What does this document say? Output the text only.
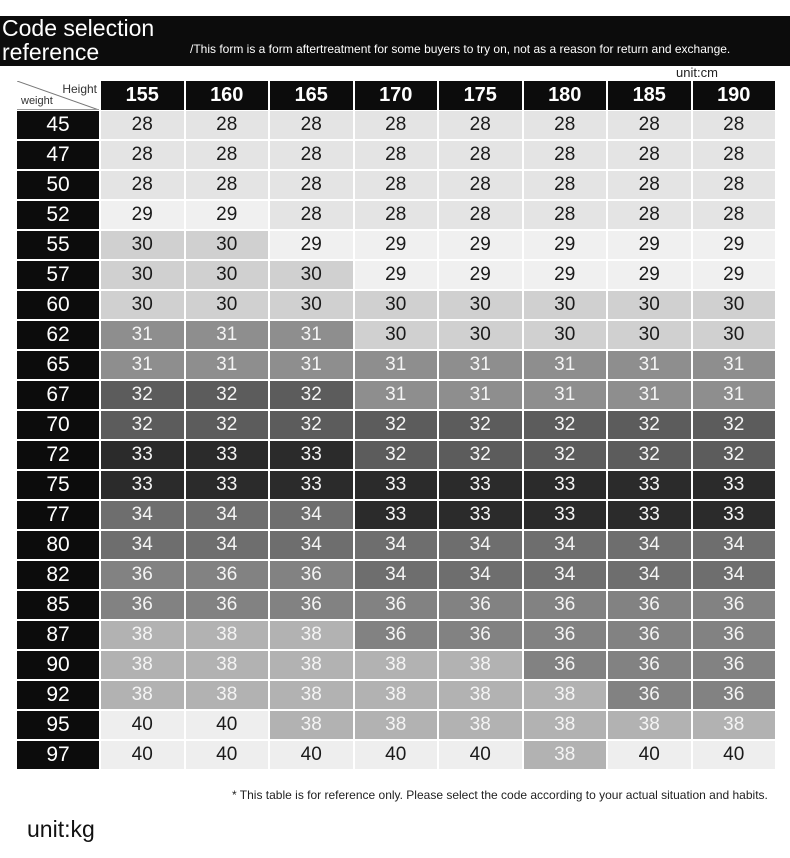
Code selection reference	/This form is a form aftertreatment for some buyers to try on, not as a reason for return and exchange.
unit:cm
Height
weight	155	160	165	170	175	180	185	190
45	28	28	28	28	28	28	28	28
47	28	28	28	28	28	28	28	28
50	28	28	28	28	28	28	28	28
52	29	29	28	28	28	28	28	28
55	30	30	29	29	29	29	29	29
57	30	30	30	29	29	29	29	29
60	30	30	30	30	30	30	30	30
62	31	31	31	30	30	30	30	30
65	31	31	31	31	31	31	31	31
67	32	32	32	31	31	31	31	31
70	32	32	32	32	32	32	32	32
72	33	33	33	32	32	32	32	32
75	33	33	33	33	33	33	33	33
77	34	34	34	33	33	33	33	33
80	34	34	34	34	34	34	34	34
82	36	36	36	34	34	34	34	34
85	36	36	36	36	36	36	36	36
87	38	38	38	36	36	36	36	36
90	38	38	38	38	38	36	36	36
92	38	38	38	38	38	38	36	36
95	40	40	38	38	38	38	38	38
97	40	40	40	40	40	38	40	40
* This table is for reference only. Please select the code according to your actual situation and habits.
unit:kg
